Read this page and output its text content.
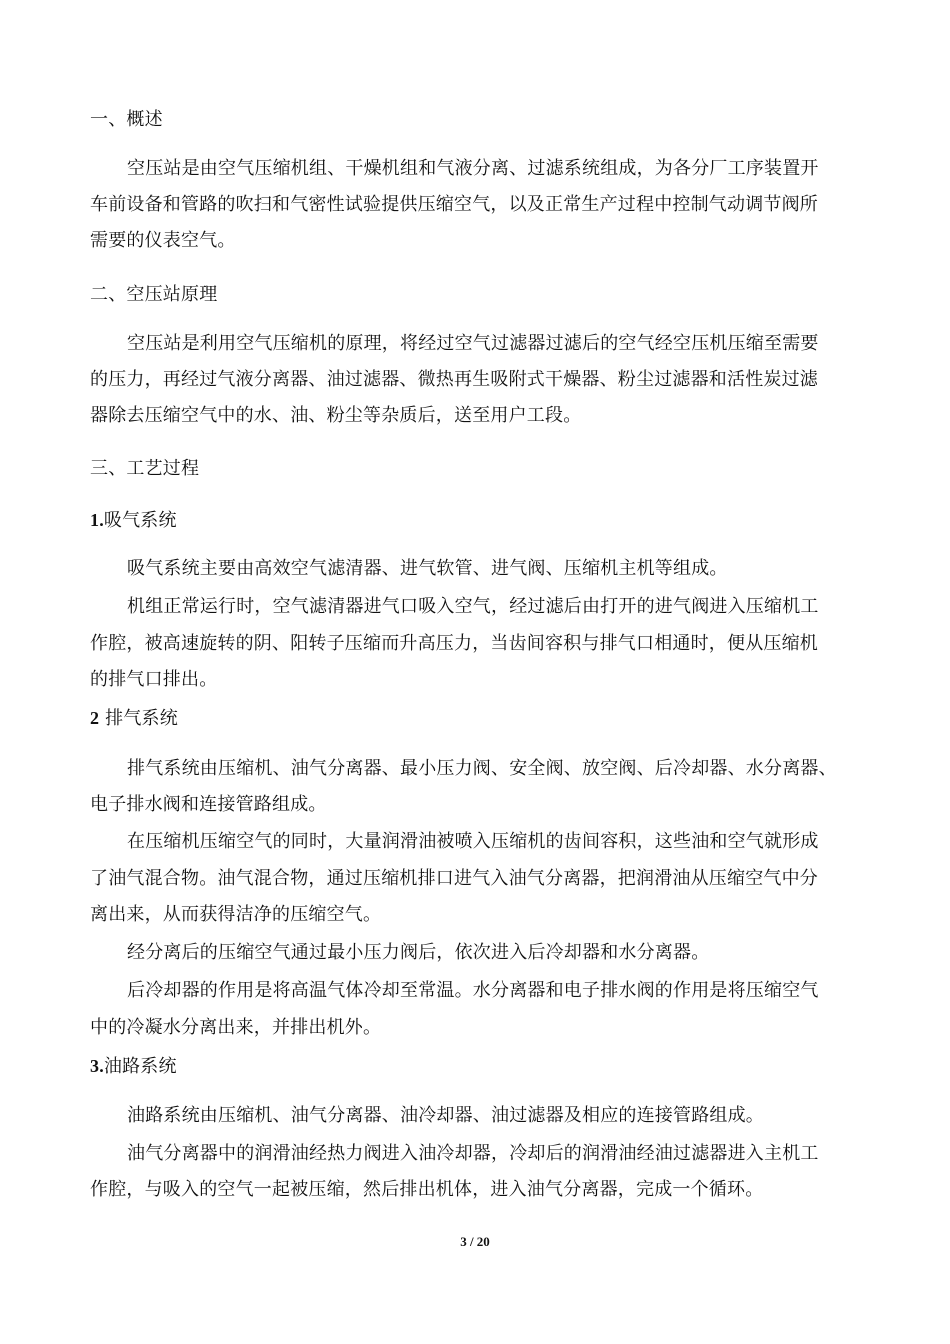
一、概述
空压站是由空气压缩机组、干燥机组和气液分离、过滤系统组成，为各分厂工序装置开
车前设备和管路的吹扫和气密性试验提供压缩空气，以及正常生产过程中控制气动调节阀所
需要的仪表空气。
二、空压站原理
空压站是利用空气压缩机的原理，将经过空气过滤器过滤后的空气经空压机压缩至需要
的压力，再经过气液分离器、油过滤器、微热再生吸附式干燥器、粉尘过滤器和活性炭过滤
器除去压缩空气中的水、油、粉尘等杂质后，送至用户工段。
三、工艺过程
1.吸气系统
吸气系统主要由高效空气滤清器、进气软管、进气阀、压缩机主机等组成。
机组正常运行时，空气滤清器进气口吸入空气，经过滤后由打开的进气阀进入压缩机工
作腔，被高速旋转的阴、阳转子压缩而升高压力，当齿间容积与排气口相通时，便从压缩机
的排气口排出。
2 排气系统
排气系统由压缩机、油气分离器、最小压力阀、安全阀、放空阀、后冷却器、水分离器、
电子排水阀和连接管路组成。
在压缩机压缩空气的同时，大量润滑油被喷入压缩机的齿间容积，这些油和空气就形成
了油气混合物。油气混合物，通过压缩机排口进气入油气分离器，把润滑油从压缩空气中分
离出来，从而获得洁净的压缩空气。
经分离后的压缩空气通过最小压力阀后，依次进入后冷却器和水分离器。
后冷却器的作用是将高温气体冷却至常温。水分离器和电子排水阀的作用是将压缩空气
中的冷凝水分离出来，并排出机外。
3.油路系统
油路系统由压缩机、油气分离器、油冷却器、油过滤器及相应的连接管路组成。
油气分离器中的润滑油经热力阀进入油冷却器，冷却后的润滑油经油过滤器进入主机工
作腔，与吸入的空气一起被压缩，然后排出机体，进入油气分离器，完成一个循环。
3 / 20
